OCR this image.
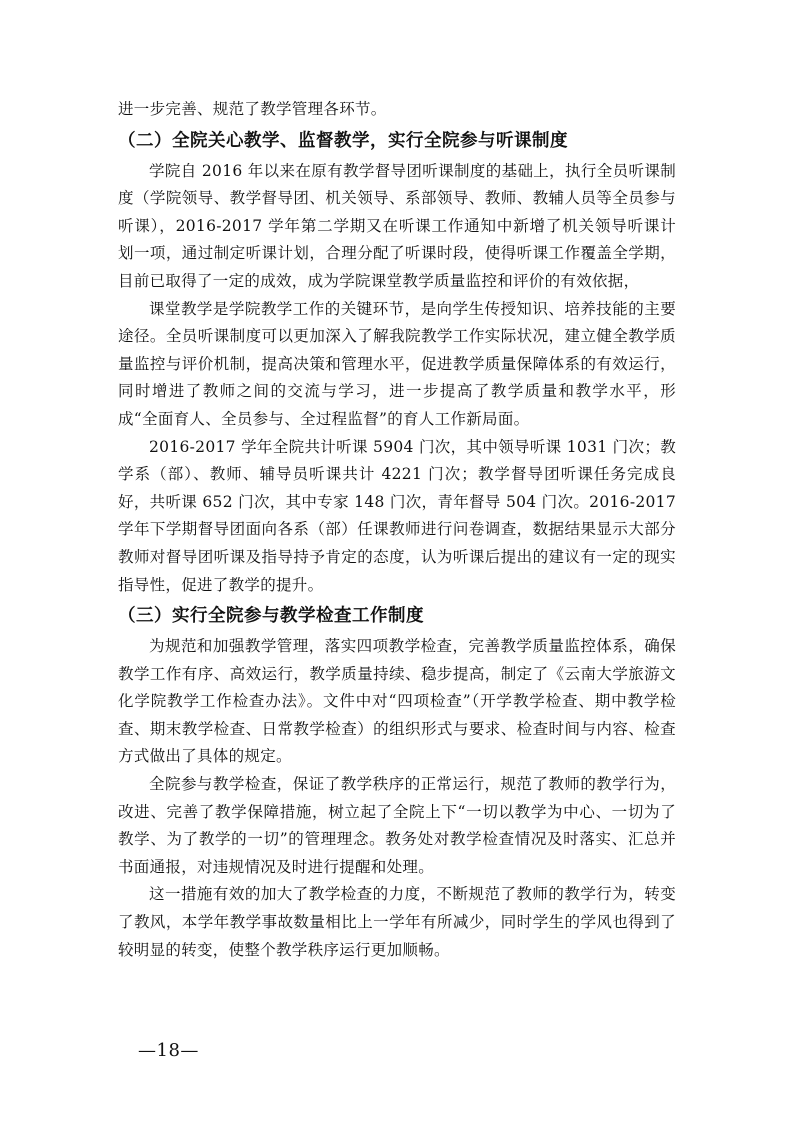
进一步完善、规范了教学管理各环节。

（二）全院关心教学、监督教学，实行全院参与听课制度

学院自 2016 年以来在原有教学督导团听课制度的基础上，执行全员听课制度（学院领导、教学督导团、机关领导、系部领导、教师、教辅人员等全员参与听课），2016-2017 学年第二学期又在听课工作通知中新增了机关领导听课计划一项，通过制定听课计划，合理分配了听课时段，使得听课工作覆盖全学期，目前已取得了一定的成效，成为学院课堂教学质量监控和评价的有效依据，

课堂教学是学院教学工作的关键环节，是向学生传授知识、培养技能的主要途径。全员听课制度可以更加深入了解我院教学工作实际状况，建立健全教学质量监控与评价机制，提高决策和管理水平，促进教学质量保障体系的有效运行，同时增进了教师之间的交流与学习，进一步提高了教学质量和教学水平，形成“全面育人、全员参与、全过程监督”的育人工作新局面。

2016-2017 学年全院共计听课 5904 门次，其中领导听课 1031 门次；教学系（部）、教师、辅导员听课共计 4221 门次；教学督导团听课任务完成良好，共听课 652 门次，其中专家 148 门次，青年督导 504 门次。2016-2017 学年下学期督导团面向各系（部）任课教师进行问卷调查，数据结果显示大部分教师对督导团听课及指导持予肯定的态度，认为听课后提出的建议有一定的现实指导性，促进了教学的提升。

（三）实行全院参与教学检查工作制度

为规范和加强教学管理，落实四项教学检查，完善教学质量监控体系，确保教学工作有序、高效运行，教学质量持续、稳步提高，制定了《云南大学旅游文化学院教学工作检查办法》。文件中对“四项检查”（开学教学检查、期中教学检查、期末教学检查、日常教学检查）的组织形式与要求、检查时间与内容、检查方式做出了具体的规定。

全院参与教学检查，保证了教学秩序的正常运行，规范了教师的教学行为，改进、完善了教学保障措施，树立起了全院上下“一切以教学为中心、一切为了教学、为了教学的一切”的管理理念。教务处对教学检查情况及时落实、汇总并书面通报，对违规情况及时进行提醒和处理。

这一措施有效的加大了教学检查的力度，不断规范了教师的教学行为，转变了教风，本学年教学事故数量相比上一学年有所减少，同时学生的学风也得到了较明显的转变，使整个教学秩序运行更加顺畅。

—18—
